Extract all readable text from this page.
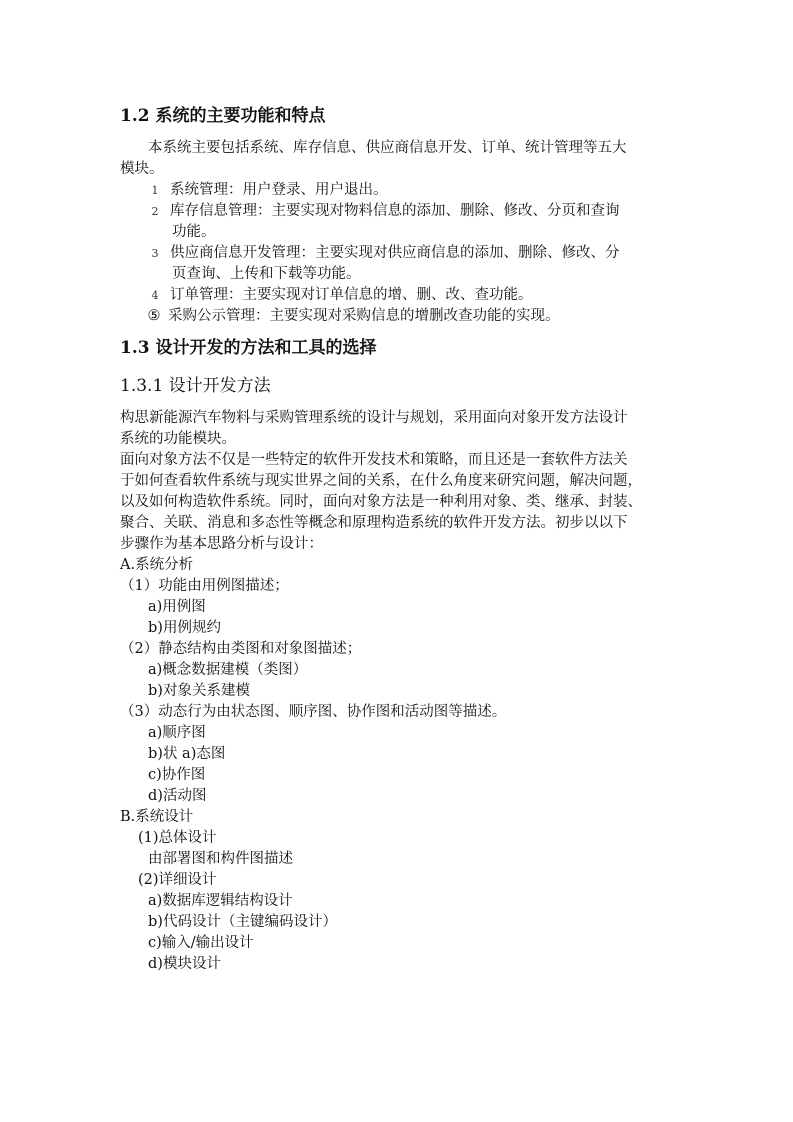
1.2 系统的主要功能和特点
本系统主要包括系统、库存信息、供应商信息开发、订单、统计管理等五大
模块。
1 系统管理：用户登录、用户退出。
2 库存信息管理：主要实现对物料信息的添加、删除、修改、分页和查询
功能。
3 供应商信息开发管理：主要实现对供应商信息的添加、删除、修改、分
页查询、上传和下载等功能。
4 订单管理：主要实现对订单信息的增、删、改、查功能。
⑤ 采购公示管理：主要实现对采购信息的增删改查功能的实现。
1.3 设计开发的方法和工具的选择
1.3.1 设计开发方法
构思新能源汽车物料与采购管理系统的设计与规划，采用面向对象开发方法设计
系统的功能模块。
面向对象方法不仅是一些特定的软件开发技术和策略，而且还是一套软件方法关
于如何查看软件系统与现实世界之间的关系，在什么角度来研究问题，解决问题，
以及如何构造软件系统。同时，面向对象方法是一种利用对象、类、继承、封装、
聚合、关联、消息和多态性等概念和原理构造系统的软件开发方法。初步以以下
步骤作为基本思路分析与设计：
A.系统分析
（1）功能由用例图描述；
a)用例图
b)用例规约
（2）静态结构由类图和对象图描述；
a)概念数据建模（类图）
b)对象关系建模
（3）动态行为由状态图、顺序图、协作图和活动图等描述。
a)顺序图
b)状 a)态图
c)协作图
d)活动图
B.系统设计
(1)总体设计
由部署图和构件图描述
(2)详细设计
a)数据库逻辑结构设计
b)代码设计（主键编码设计）
c)输入/输出设计
d)模块设计
